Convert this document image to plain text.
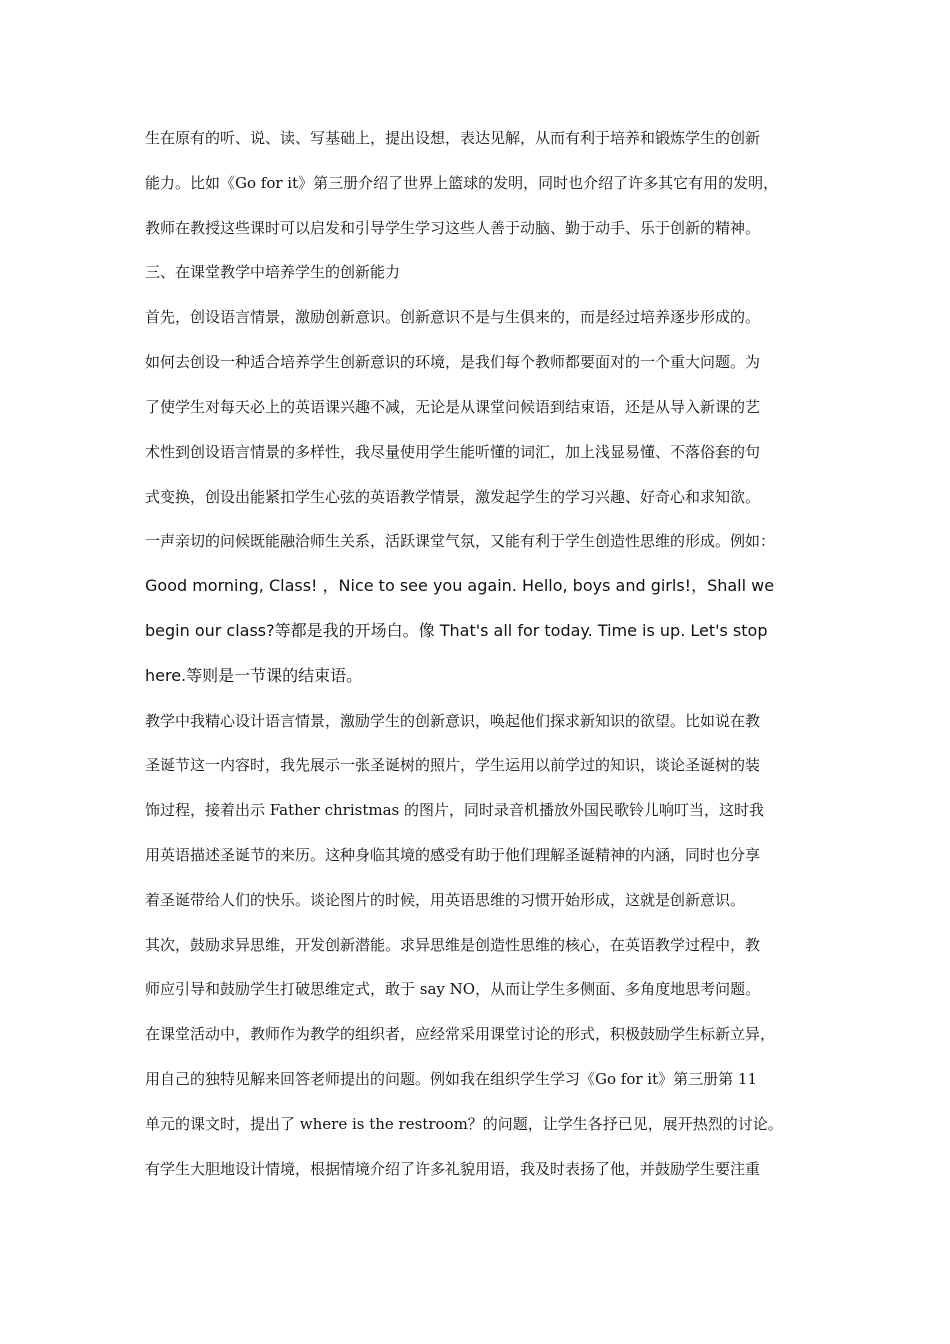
生在原有的听、说、读、写基础上，提出设想，表达见解，从而有利于培养和锻炼学生的创新
能力。比如《Go for it》第三册介绍了世界上篮球的发明，同时也介绍了许多其它有用的发明，
教师在教授这些课时可以启发和引导学生学习这些人善于动脑、勤于动手、乐于创新的精神。
三、在课堂教学中培养学生的创新能力
首先，创设语言情景，激励创新意识。创新意识不是与生俱来的，而是经过培养逐步形成的。
如何去创设一种适合培养学生创新意识的环境，是我们每个教师都要面对的一个重大问题。为
了使学生对每天必上的英语课兴趣不减，无论是从课堂问候语到结束语，还是从导入新课的艺
术性到创设语言情景的多样性，我尽量使用学生能听懂的词汇，加上浅显易懂、不落俗套的句
式变换，创设出能紧扣学生心弦的英语教学情景，激发起学生的学习兴趣、好奇心和求知欲。
一声亲切的问候既能融洽师生关系，活跃课堂气氛，又能有利于学生创造性思维的形成。例如：
Good morning, Class! ，Nice to see you again. Hello, boys and girls!，Shall we
begin our class?等都是我的开场白。像 That's all for today. Time is up. Let's stop
here.等则是一节课的结束语。
教学中我精心设计语言情景，激励学生的创新意识，唤起他们探求新知识的欲望。比如说在教
圣诞节这一内容时，我先展示一张圣诞树的照片，学生运用以前学过的知识，谈论圣诞树的装
饰过程，接着出示 Father christmas 的图片，同时录音机播放外国民歌铃儿响叮当，这时我
用英语描述圣诞节的来历。这种身临其境的感受有助于他们理解圣诞精神的内涵，同时也分享
着圣诞带给人们的快乐。谈论图片的时候，用英语思维的习惯开始形成，这就是创新意识。
其次，鼓励求异思维，开发创新潜能。求异思维是创造性思维的核心，在英语教学过程中，教
师应引导和鼓励学生打破思维定式，敢于 say NO，从而让学生多侧面、多角度地思考问题。
在课堂活动中，教师作为教学的组织者，应经常采用课堂讨论的形式，积极鼓励学生标新立异，
用自己的独特见解来回答老师提出的问题。例如我在组织学生学习《Go for it》第三册第 11
单元的课文时，提出了 where is the restroom？的问题，让学生各抒已见，展开热烈的讨论。
有学生大胆地设计情境，根据情境介绍了许多礼貌用语，我及时表扬了他，并鼓励学生要注重
